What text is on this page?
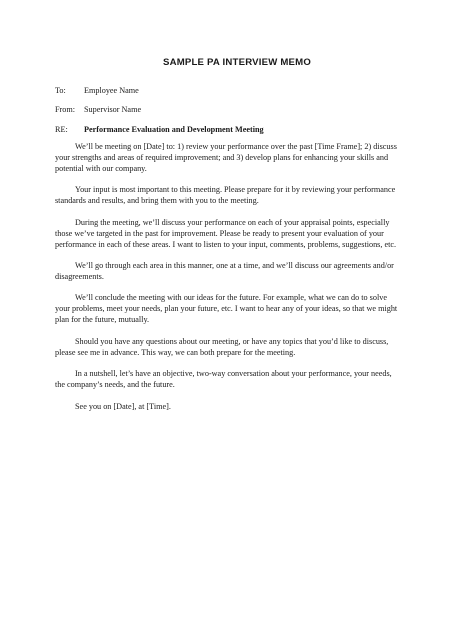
SAMPLE PA INTERVIEW MEMO
To: Employee Name
From: Supervisor Name
RE: Performance Evaluation and Development Meeting

We’ll be meeting on [Date] to: 1) review your performance over the past [Time Frame]; 2) discuss
your strengths and areas of required improvement; and 3) develop plans for enhancing your skills and
potential with our company.

Your input is most important to this meeting. Please prepare for it by reviewing your performance
standards and results, and bring them with you to the meeting.

During the meeting, we’ll discuss your performance on each of your appraisal points, especially
those we’ve targeted in the past for improvement. Please be ready to present your evaluation of your
performance in each of these areas. I want to listen to your input, comments, problems, suggestions, etc.

We’ll go through each area in this manner, one at a time, and we’ll discuss our agreements and/or
disagreements.

We’ll conclude the meeting with our ideas for the future. For example, what we can do to solve
your problems, meet your needs, plan your future, etc. I want to hear any of your ideas, so that we might
plan for the future, mutually.

Should you have any questions about our meeting, or have any topics that you’d like to discuss,
please see me in advance. This way, we can both prepare for the meeting.

In a nutshell, let’s have an objective, two-way conversation about your performance, your needs,
the company’s needs, and the future.

See you on [Date], at [Time].
